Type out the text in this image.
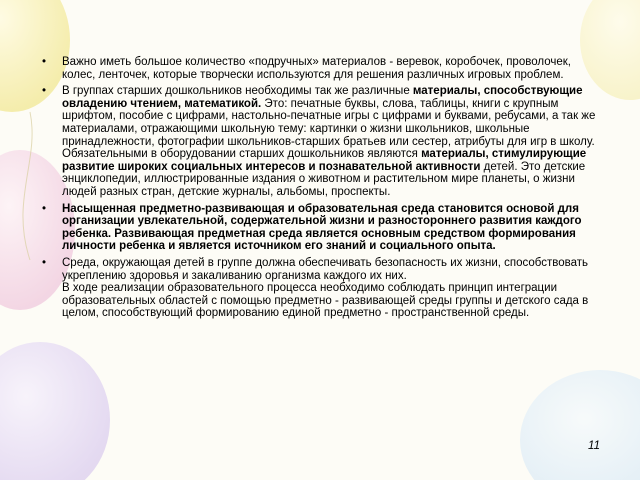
•	Важно иметь большое количество «подручных» материалов - веревок, коробочек, проволочек, колес, ленточек, которые творчески используются для решения различных игровых проблем.
•	В группах старших дошкольников необходимы так же различные материалы, способствующие овладению чтением, математикой. Это: печатные буквы, слова, таблицы, книги с крупным шрифтом, пособие с цифрами, настольно-печатные игры с цифрами и буквами, ребусами, а так же материалами, отражающими школьную тему: картинки о жизни школьников, школьные принадлежности, фотографии школьников-старших братьев или сестер, атрибуты для игр в школу.
Обязательными в оборудовании старших дошкольников являются материалы, стимулирующие развитие широких социальных интересов и познавательной активности детей. Это детские энциклопедии, иллюстрированные издания о животном и растительном мире планеты, о жизни людей разных стран, детские журналы, альбомы, проспекты.
•	Насыщенная предметно-развивающая и образовательная среда становится основой для организации увлекательной, содержательной жизни и разностороннего развития каждого ребенка. Развивающая предметная среда является основным средством формирования личности ребенка и является источником его знаний и социального опыта.
•	Среда, окружающая детей в группе должна обеспечивать безопасность их жизни, способствовать укреплению здоровья и закаливанию организма каждого их них.
В ходе реализации образовательного процесса необходимо соблюдать принцип интеграции образовательных областей с помощью предметно - развивающей среды группы и детского сада в целом, способствующий формированию единой предметно - пространственной среды.
11
